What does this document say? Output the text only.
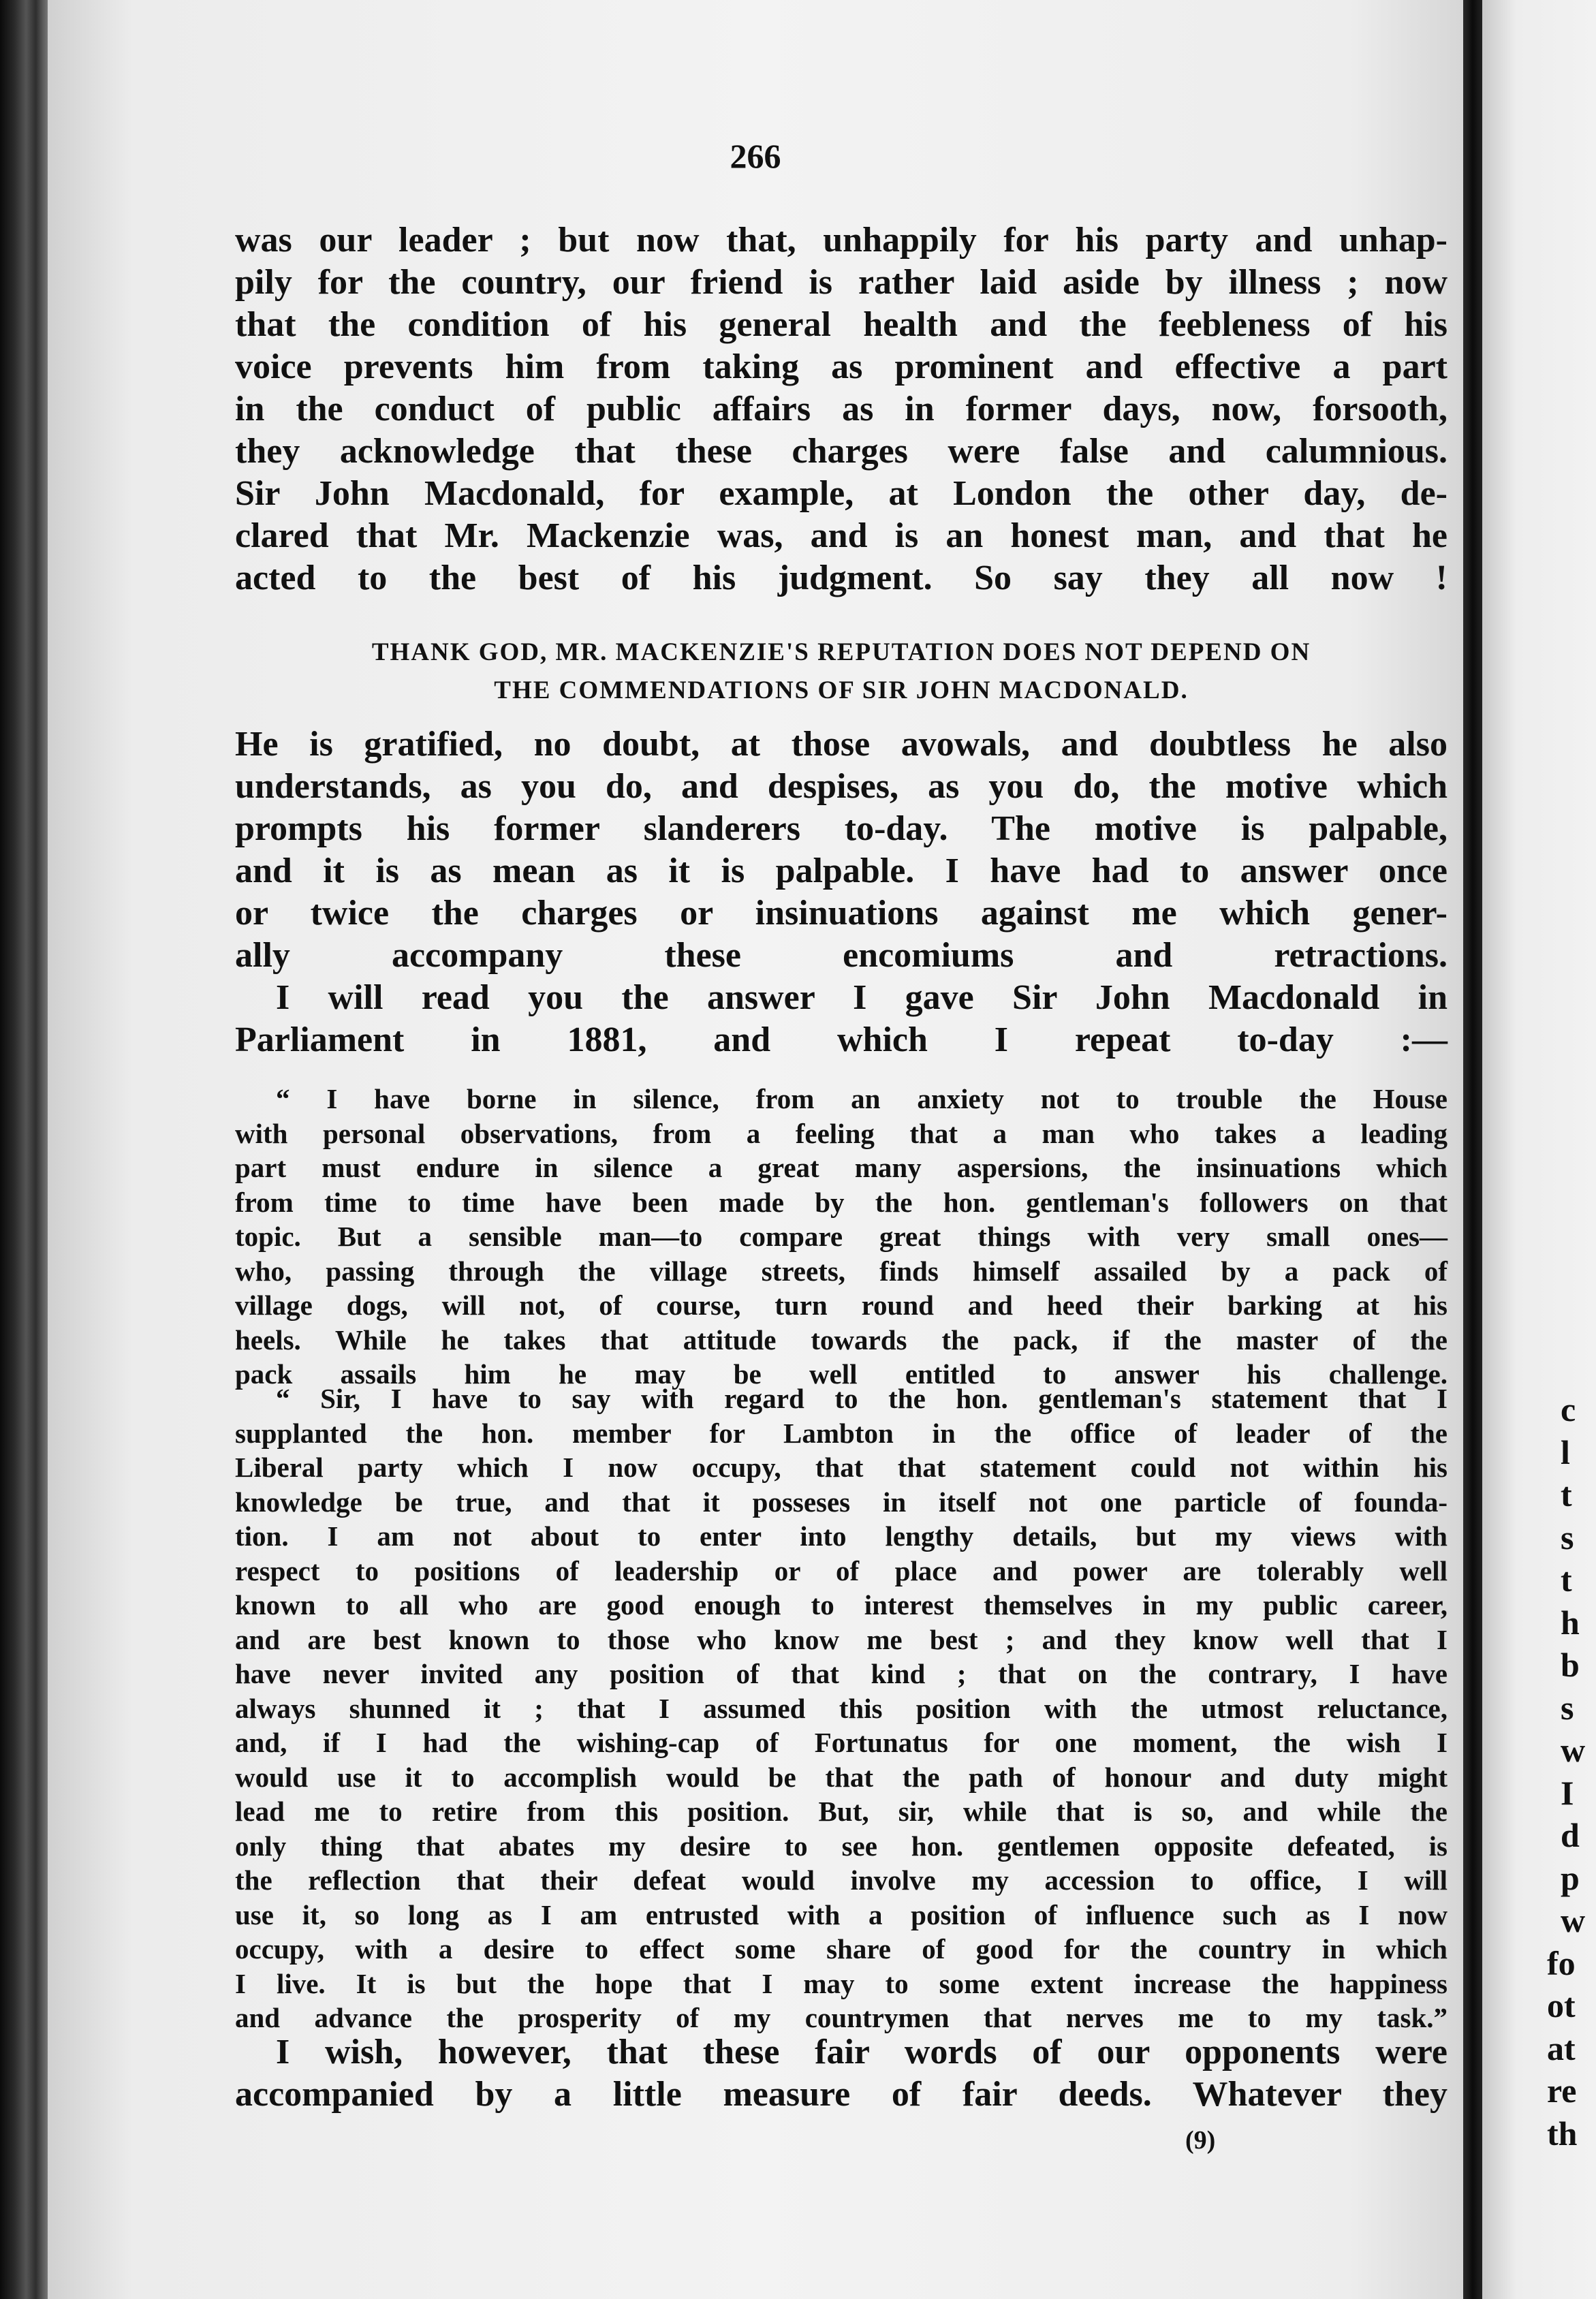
266
was our leader ; but now that, unhappily for his party and unhap-
pily for the country, our friend is rather laid aside by illness ; now
that the condition of his general health and the feebleness of his
voice prevents him from taking as prominent and effective a part
in the conduct of public affairs as in former days, now, forsooth,
they acknowledge that these charges were false and calumnious.
Sir John Macdonald, for example, at London the other day, de-
clared that Mr. Mackenzie was, and is an honest man, and that he
acted to the best of his judgment. So say they all now !
THANK GOD, MR. MACKENZIE'S REPUTATION DOES NOT DEPEND ON
THE COMMENDATIONS OF SIR JOHN MACDONALD.
He is gratified, no doubt, at those avowals, and doubtless he also
understands, as you do, and despises, as you do, the motive which
prompts his former slanderers to-day. The motive is palpable,
and it is as mean as it is palpable. I have had to answer once
or twice the charges or insinuations against me which gener-
ally accompany these encomiums and retractions.
I will read you the answer I gave Sir John Macdonald in
Parliament in 1881, and which I repeat to-day :—
“ I have borne in silence, from an anxiety not to trouble the House
with personal observations, from a feeling that a man who takes a leading
part must endure in silence a great many aspersions, the insinuations which
from time to time have been made by the hon. gentleman's followers on that
topic. But a sensible man—to compare great things with very small ones—
who, passing through the village streets, finds himself assailed by a pack of
village dogs, will not, of course, turn round and heed their barking at his
heels. While he takes that attitude towards the pack, if the master of the
pack assails him he may be well entitled to answer his challenge.
“ Sir, I have to say with regard to the hon. gentleman's statement that I
supplanted the hon. member for Lambton in the office of leader of the
Liberal party which I now occupy, that that statement could not within his
knowledge be true, and that it posseses in itself not one particle of founda-
tion. I am not about to enter into lengthy details, but my views with
respect to positions of leadership or of place and power are tolerably well
known to all who are good enough to interest themselves in my public career,
and are best known to those who know me best ; and they know well that I
have never invited any position of that kind ; that on the contrary, I have
always shunned it ; that I assumed this position with the utmost reluctance,
and, if I had the wishing-cap of Fortunatus for one moment, the wish I
would use it to accomplish would be that the path of honour and duty might
lead me to retire from this position. But, sir, while that is so, and while the
only thing that abates my desire to see hon. gentlemen opposite defeated, is
the reflection that their defeat would involve my accession to office, I will
use it, so long as I am entrusted with a position of influence such as I now
occupy, with a desire to effect some share of good for the country in which
I live. It is but the hope that I may to some extent increase the happiness
and advance the prosperity of my countrymen that nerves me to my task.”
I wish, however, that these fair words of our opponents were
accompanied by a little measure of fair deeds. Whatever they
(9)
c
l
t
s
t
h
b
s
w
I
d
p
w
fo
ot
at
re
th
